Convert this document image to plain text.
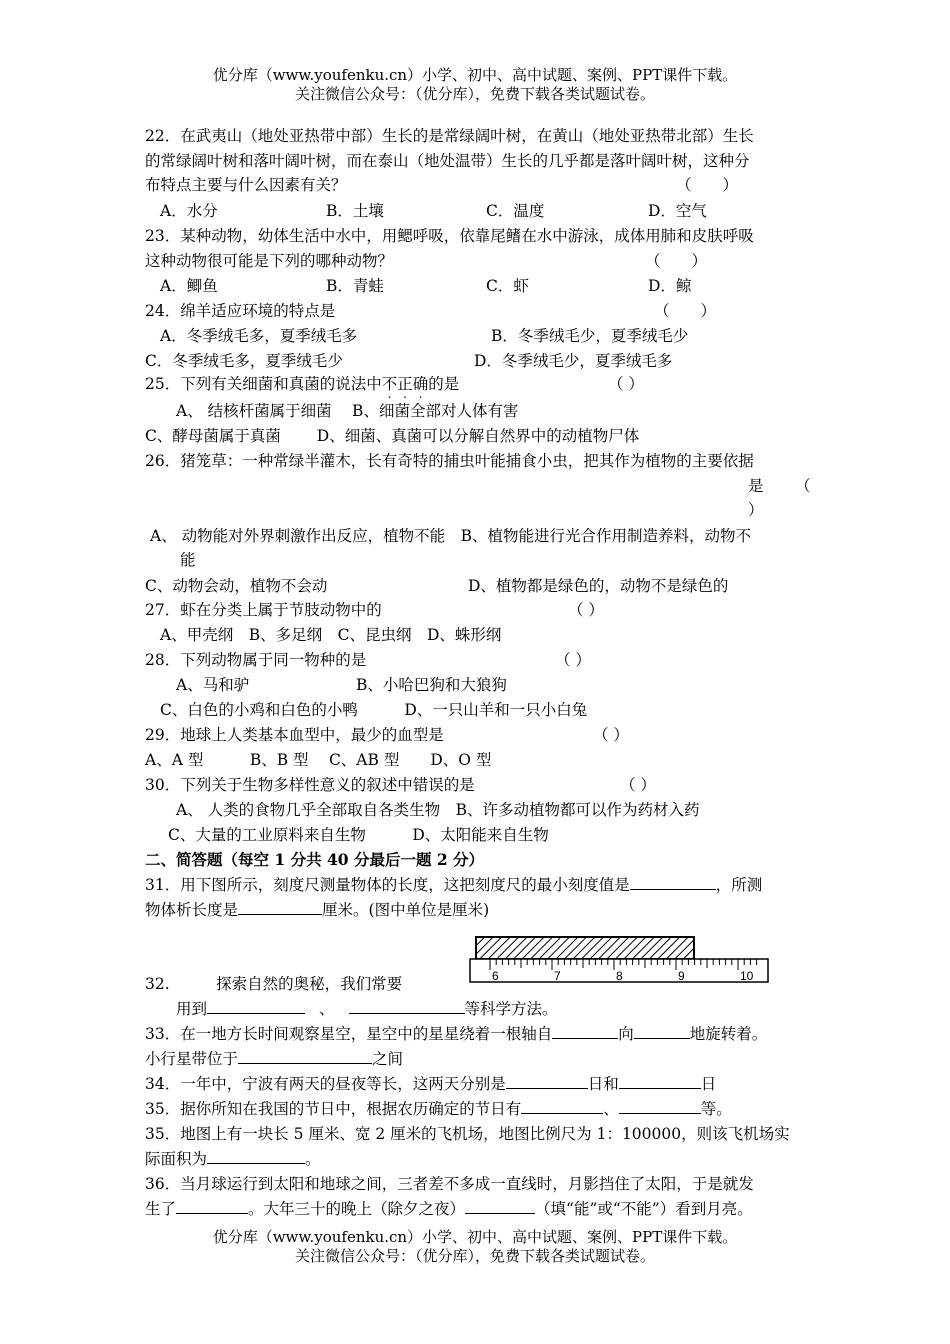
优分库（www.youfenku.cn）小学、初中、高中试题、案例、PPT课件下载。
关注微信公众号：（优分库），免费下载各类试题试卷。
22．在武夷山（地处亚热带中部）生长的是常绿阔叶树，在黄山（地处亚热带北部）生长
的常绿阔叶树和落叶阔叶树，而在泰山（地处温带）生长的几乎都是落叶阔叶树，这种分
布特点主要与什么因素有关？	（　　）
A．水分	B．土壤	C．温度	D．空气
23．某种动物，幼体生活中水中，用鳃呼吸，依靠尾鳍在水中游泳，成体用肺和皮肤呼吸
这种动物很可能是下列的哪种动物？	（　　）
A．鲫鱼	B．青蛙	C．虾	D．鲸
24．绵羊适应环境的特点是	（　　）
A．冬季绒毛多，夏季绒毛多	B．冬季绒毛少，夏季绒毛少
C．冬季绒毛多，夏季绒毛少	D．冬季绒毛少，夏季绒毛多
25．下列有关细菌和真菌的说法中不正确的是	（ ）
A、 结核杆菌属于细菌　 B、细菌全部对人体有害
C、酵母菌属于真菌　　 D、细菌、真菌可以分解自然界中的动植物尸体
26．猪笼草：一种常绿半灌木，长有奇特的捕虫叶能捕食小虫，把其作为植物的主要依据
是 （
）
A、 动物能对外界刺激作出反应，植物不能　B、植物能进行光合作用制造养料，动物不
能
C、动物会动，植物不会动	D、植物都是绿色的，动物不是绿色的
27．虾在分类上属于节肢动物中的	（ ）
A、甲壳纲　B、多足纲　C、昆虫纲　D、蛛形纲
28．下列动物属于同一物种的是	（ ）
A、马和驴	B、小哈巴狗和大狼狗
C、白色的小鸡和白色的小鸭　　　D、一只山羊和一只小白兔
29．地球上人类基本血型中，最少的血型是	（ ）
A、A 型　　　B、B 型　 C、AB 型　　D、O 型
30．下列关于生物多样性意义的叙述中错误的是	（ ）
A、 人类的食物几乎全部取自各类生物　B、许多动植物都可以作为药材入药
C、大量的工业原料来自生物　　　D、太阳能来自生物
二、简答题（每空 1 分共 40 分最后一题 2 分）
31．用下图所示，刻度尺测量物体的长度，这把刻度尺的最小刻度值是	，所测
物体析长度是	厘米。(图中单位是厘米)
6	7	8	9	10
32.　　　探索自然的奥秘，我们常要
用到	、	等科学方法。
33．在一地方长时间观察星空，星空中的星星绕着一根轴自	向	地旋转着。
小行星带位于	之间
34．一年中，宁波有两天的昼夜等长，这两天分别是	日和	日
35．据你所知在我国的节日中，根据农历确定的节日有	、	等。
35．地图上有一块长 5 厘米、宽 2 厘米的飞机场，地图比例尺为 1：100000，则该飞机场实
际面积为	。
36．当月球运行到太阳和地球之间，三者差不多成一直线时，月影挡住了太阳，于是就发
生了	。大年三十的晚上（除夕之夜）	（填“能”或“不能”）看到月亮。
优分库（www.youfenku.cn）小学、初中、高中试题、案例、PPT课件下载。
关注微信公众号：（优分库），免费下载各类试题试卷。
